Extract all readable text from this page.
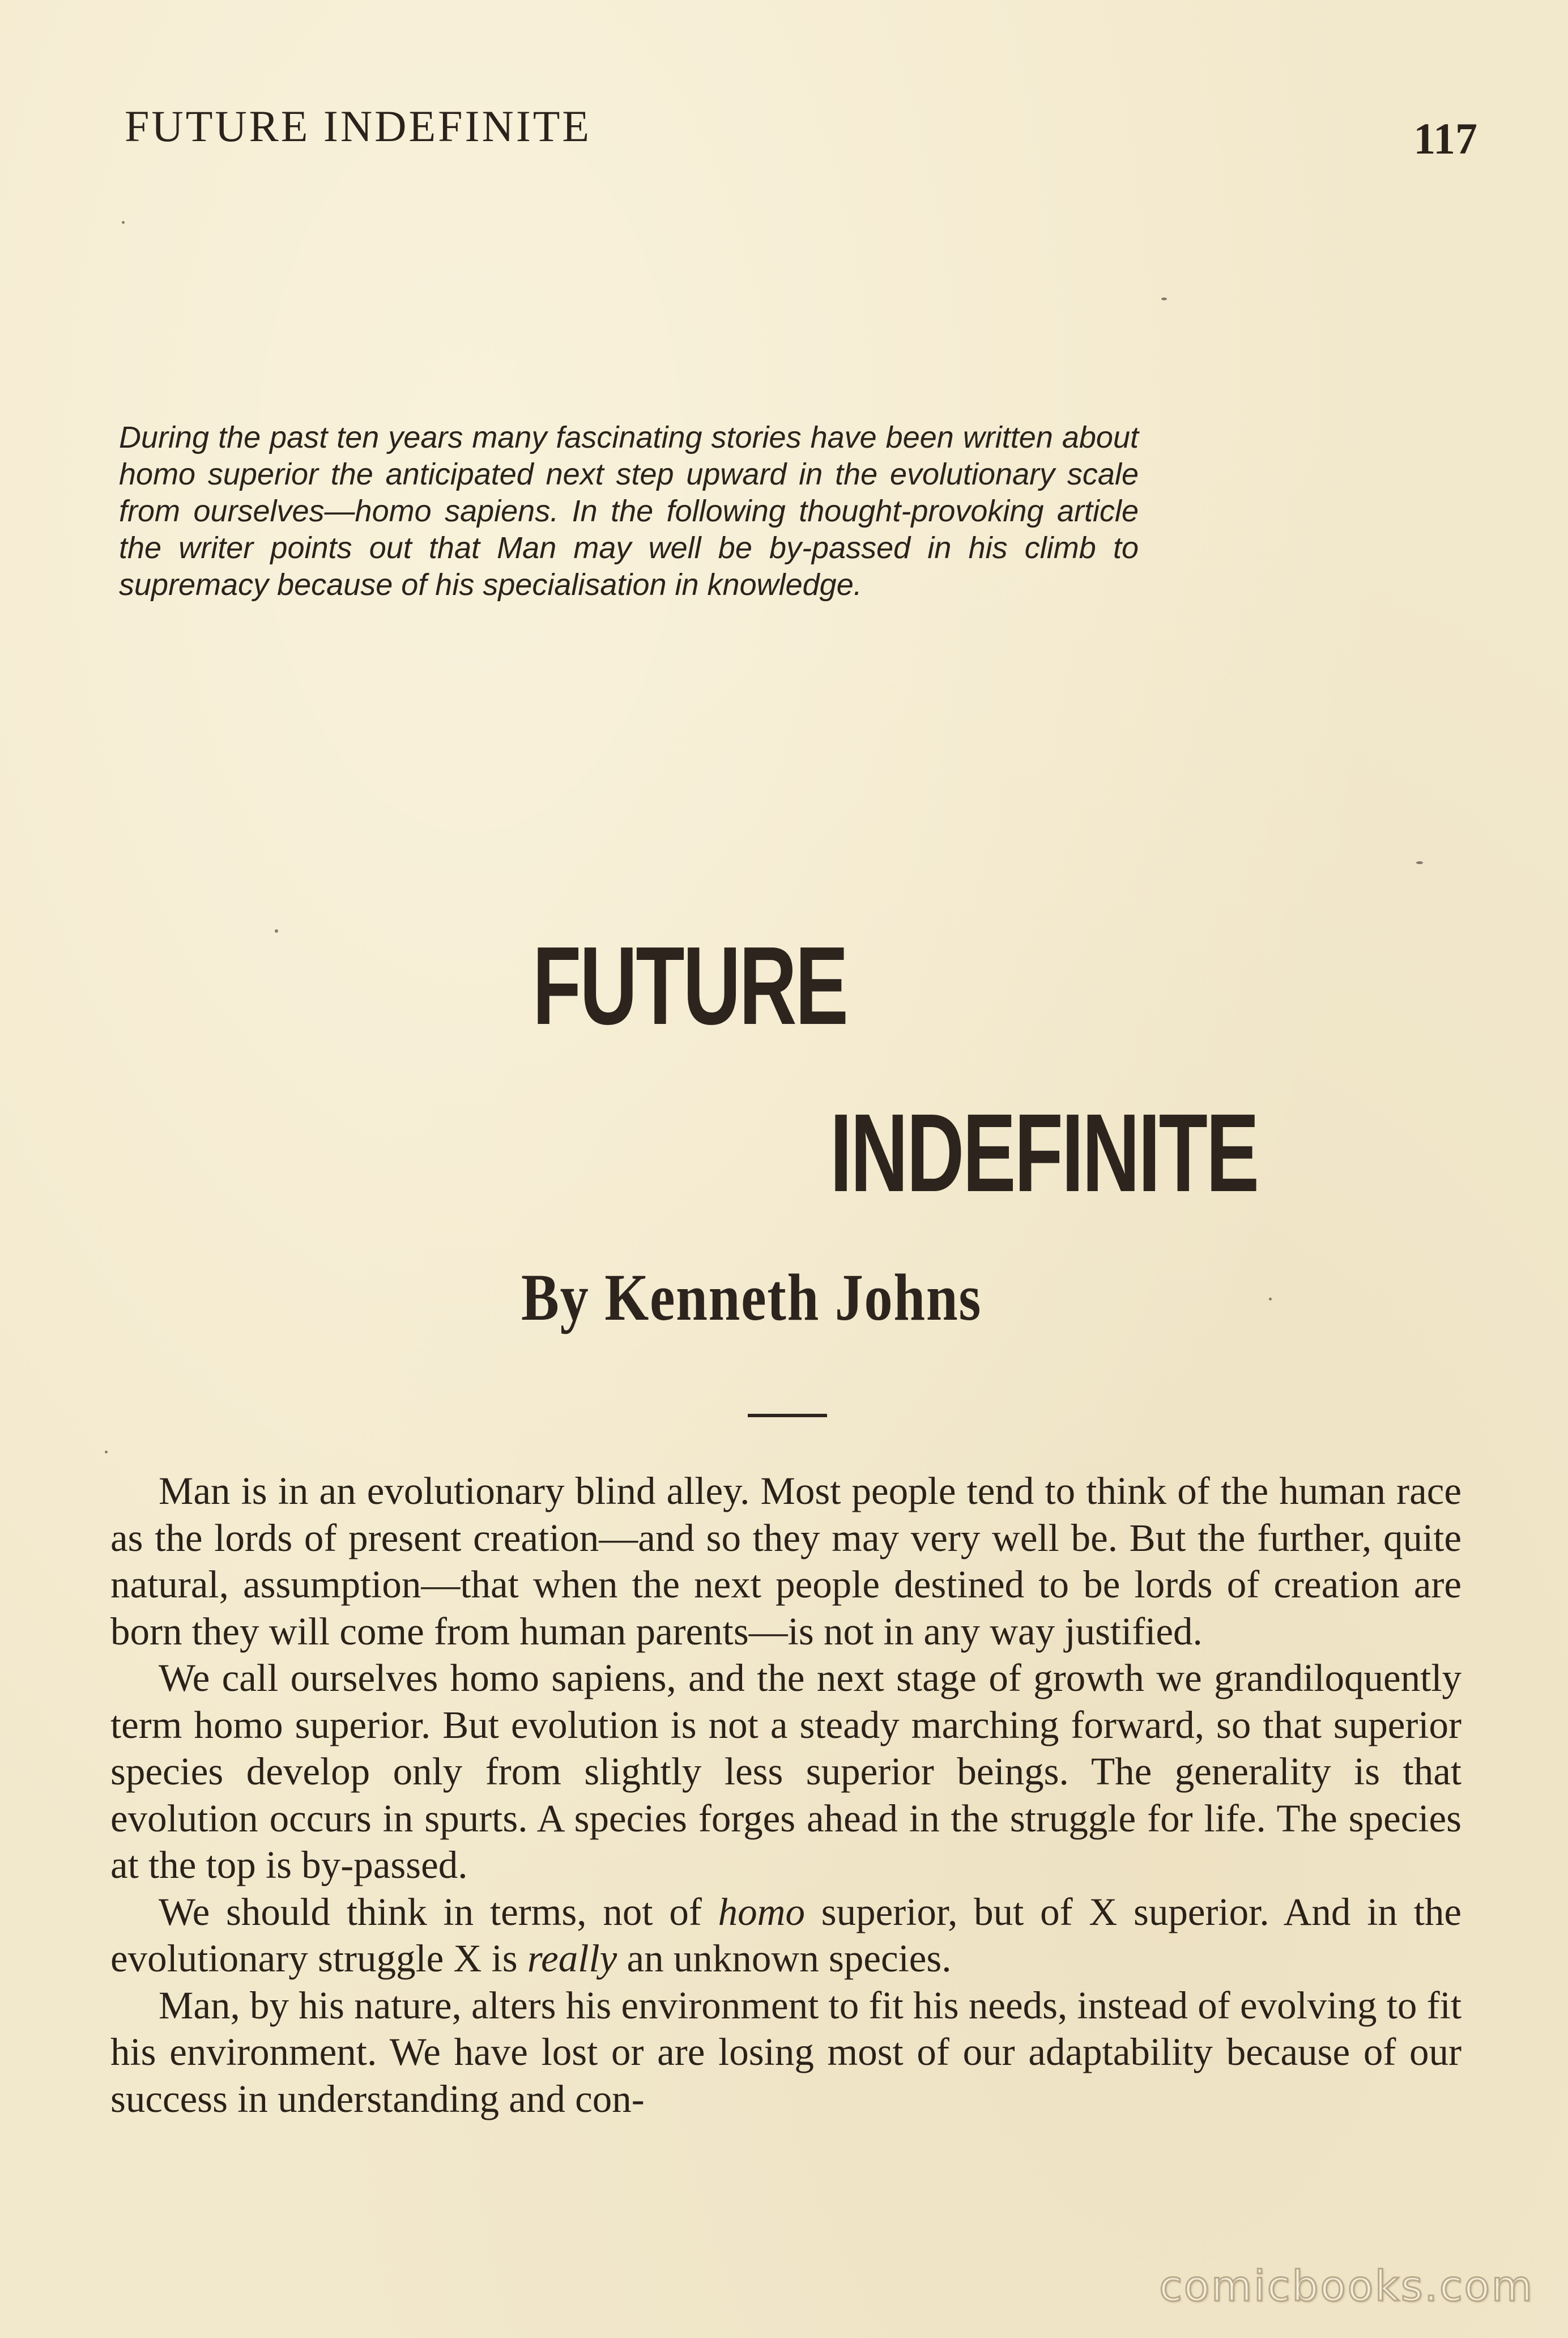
FUTURE INDEFINITE	117
During the past ten years many fascinating stories have been written about homo superior the anticipated next step upward in the evolutionary scale from ourselves—homo sapiens. In the following thought-provoking article the writer points out that Man may well be by-passed in his climb to supremacy because of his specialisation in knowledge.
FUTURE
INDEFINITE
By Kenneth Johns

Man is in an evolutionary blind alley. Most people tend to think of the human race as the lords of present creation—and so they may very well be. But the further, quite natural, assumption—that when the next people destined to be lords of creation are born they will come from human parents—is not in any way justified.

We call ourselves homo sapiens, and the next stage of growth we grandiloquently term homo superior. But evolution is not a steady marching forward, so that superior species develop only from slightly less superior beings. The generality is that evolution occurs in spurts. A species forges ahead in the struggle for life. The species at the top is by-passed.

We should think in terms, not of homo superior, but of X superior. And in the evolutionary struggle X is really an unknown species.

Man, by his nature, alters his environment to fit his needs, instead of evolving to fit his environment. We have lost or are losing most of our adaptability because of our success in understanding and con-

comicbooks.com
